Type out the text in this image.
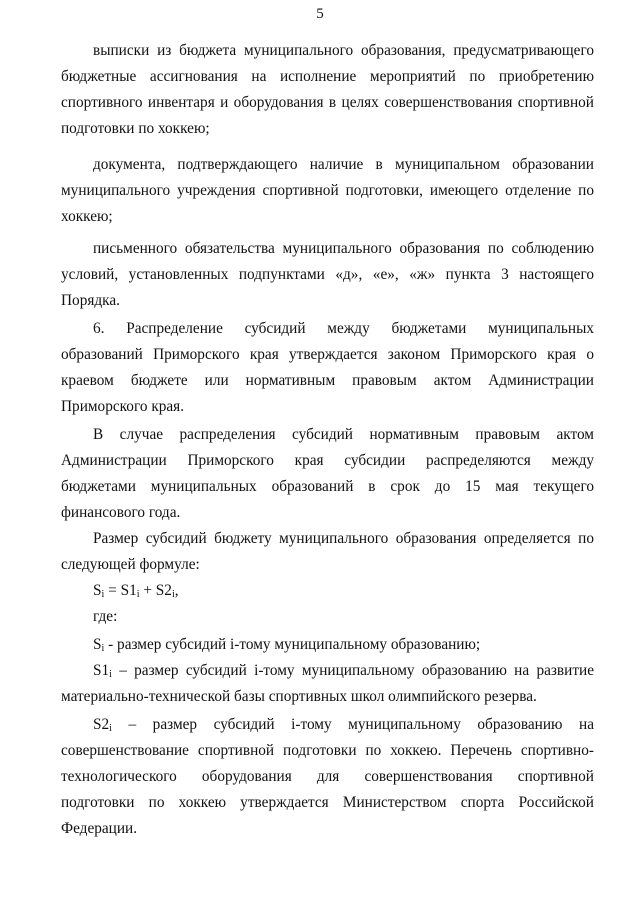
5
выписки из бюджета муниципального образования, предусматривающего
бюджетные ассигнования на исполнение мероприятий по приобретению
спортивного инвентаря и оборудования в целях совершенствования спортивной
подготовки по хоккею;
документа, подтверждающего наличие в муниципальном образовании
муниципального учреждения спортивной подготовки, имеющего отделение по
хоккею;
письменного обязательства муниципального образования по соблюдению
условий, установленных подпунктами «д», «е», «ж» пункта 3 настоящего
Порядка.
6. Распределение субсидий между бюджетами муниципальных
образований Приморского края утверждается законом Приморского края о
краевом бюджете или нормативным правовым актом Администрации
Приморского края.
В случае распределения субсидий нормативным правовым актом
Администрации Приморского края субсидии распределяются между
бюджетами муниципальных образований в срок до 15 мая текущего
финансового года.
Размер субсидий бюджету муниципального образования определяется по
следующей формуле:
$S_i = S1_i + S2_i$,
где:
$S_i$ - размер субсидий i-тому муниципальному образованию;
$S1_i$ – размер субсидий i-тому муниципальному образованию на развитие
материально-технической базы спортивных школ олимпийского резерва.
$S2_i$ – размер субсидий i-тому муниципальному образованию на
совершенствование спортивной подготовки по хоккею. Перечень спортивно-
технологического оборудования для совершенствования спортивной
подготовки по хоккею утверждается Министерством спорта Российской
Федерации.
